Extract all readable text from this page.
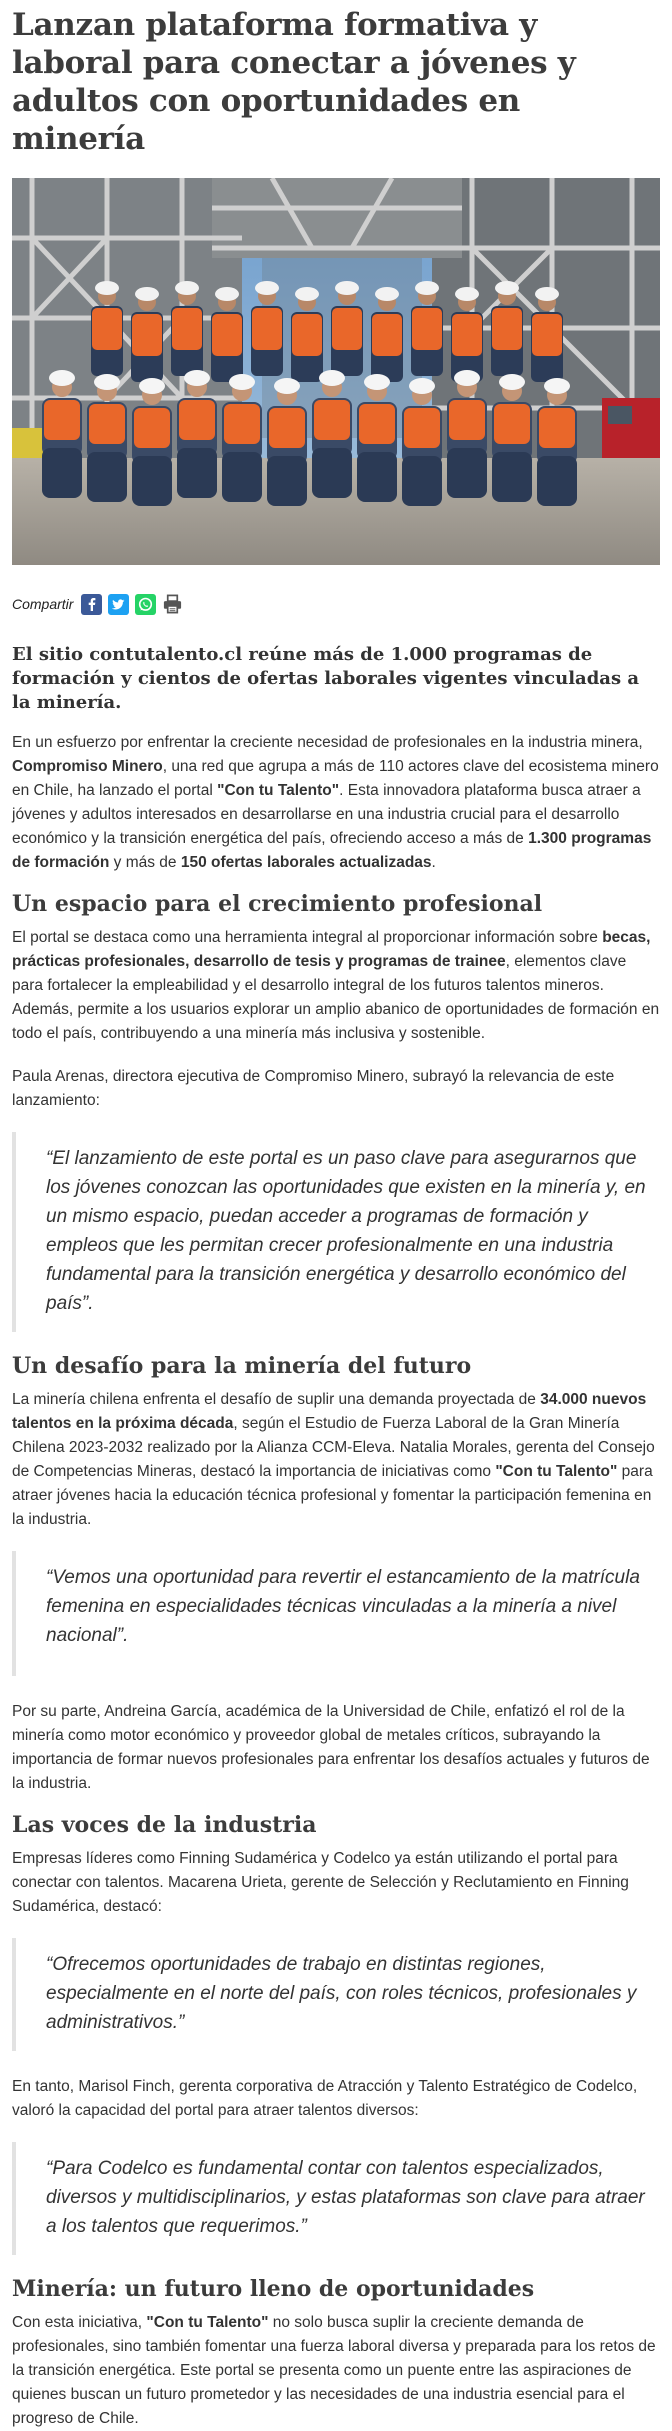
Lanzan plataforma formativa y laboral para conectar a jóvenes y adultos con oportunidades en minería
Compartir

El sitio contutalento.cl reúne más de 1.000 programas de formación y cientos de ofertas laborales vigentes vinculadas a la minería.

En un esfuerzo por enfrentar la creciente necesidad de profesionales en la industria minera, Compromiso Minero, una red que agrupa a más de 110 actores clave del ecosistema minero en Chile, ha lanzado el portal "Con tu Talento". Esta innovadora plataforma busca atraer a jóvenes y adultos interesados en desarrollarse en una industria crucial para el desarrollo económico y la transición energética del país, ofreciendo acceso a más de 1.300 programas de formación y más de 150 ofertas laborales actualizadas.

Un espacio para el crecimiento profesional

El portal se destaca como una herramienta integral al proporcionar información sobre becas, prácticas profesionales, desarrollo de tesis y programas de trainee, elementos clave para fortalecer la empleabilidad y el desarrollo integral de los futuros talentos mineros. Además, permite a los usuarios explorar un amplio abanico de oportunidades de formación en todo el país, contribuyendo a una minería más inclusiva y sostenible.

Paula Arenas, directora ejecutiva de Compromiso Minero, subrayó la relevancia de este lanzamiento:

“El lanzamiento de este portal es un paso clave para asegurarnos que los jóvenes conozcan las oportunidades que existen en la minería y, en un mismo espacio, puedan acceder a programas de formación y empleos que les permitan crecer profesionalmente en una industria fundamental para la transición energética y desarrollo económico del país”.
Un desafío para la minería del futuro

La minería chilena enfrenta el desafío de suplir una demanda proyectada de 34.000 nuevos talentos en la próxima década, según el Estudio de Fuerza Laboral de la Gran Minería Chilena 2023-2032 realizado por la Alianza CCM-Eleva. Natalia Morales, gerenta del Consejo de Competencias Mineras, destacó la importancia de iniciativas como "Con tu Talento" para atraer jóvenes hacia la educación técnica profesional y fomentar la participación femenina en la industria.

“Vemos una oportunidad para revertir el estancamiento de la matrícula femenina en especialidades técnicas vinculadas a la minería a nivel nacional”.

Por su parte, Andreina García, académica de la Universidad de Chile, enfatizó el rol de la minería como motor económico y proveedor global de metales críticos, subrayando la importancia de formar nuevos profesionales para enfrentar los desafíos actuales y futuros de la industria.

Las voces de la industria

Empresas líderes como Finning Sudamérica y Codelco ya están utilizando el portal para conectar con talentos. Macarena Urieta, gerente de Selección y Reclutamiento en Finning Sudamérica, destacó:

“Ofrecemos oportunidades de trabajo en distintas regiones, especialmente en el norte del país, con roles técnicos, profesionales y administrativos.”

En tanto, Marisol Finch, gerenta corporativa de Atracción y Talento Estratégico de Codelco, valoró la capacidad del portal para atraer talentos diversos:

“Para Codelco es fundamental contar con talentos especializados, diversos y multidisciplinarios, y estas plataformas son clave para atraer a los talentos que requerimos.”
Minería: un futuro lleno de oportunidades

Con esta iniciativa, "Con tu Talento" no solo busca suplir la creciente demanda de profesionales, sino también fomentar una fuerza laboral diversa y preparada para los retos de la transición energética. Este portal se presenta como un puente entre las aspiraciones de quienes buscan un futuro prometedor y las necesidades de una industria esencial para el progreso de Chile.
